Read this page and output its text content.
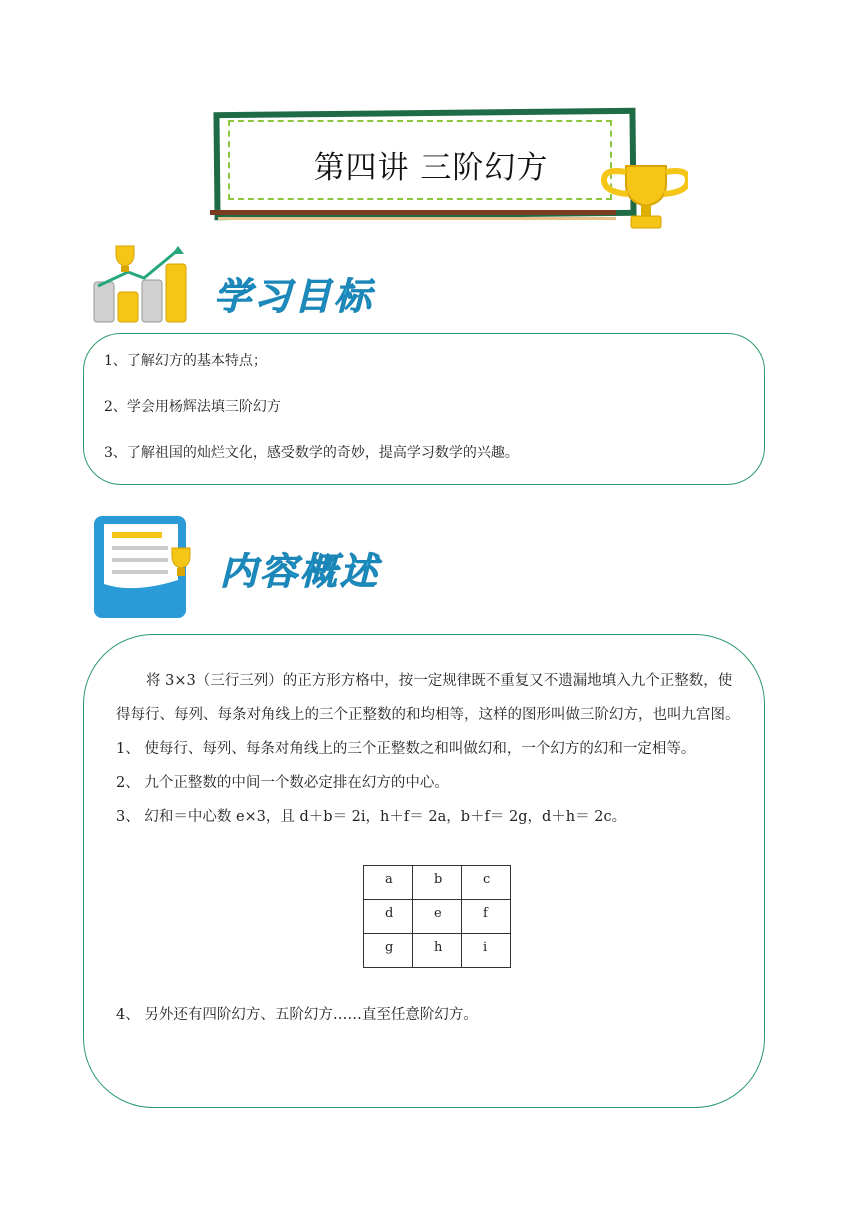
第四讲 三阶幻方
学习目标

1、了解幻方的基本特点；

2、学会用杨辉法填三阶幻方

3、了解祖国的灿烂文化，感受数学的奇妙，提高学习数学的兴趣。

内容概述

将 3×3（三行三列）的正方形方格中，按一定规律既不重复又不遗漏地填入九个正整数，使得每行、每列、每条对角线上的三个正整数的和均相等，这样的图形叫做三阶幻方，也叫九宫图。

1、 使每行、每列、每条对角线上的三个正整数之和叫做幻和，一个幻方的幻和一定相等。

2、 九个正整数的中间一个数必定排在幻方的中心。

3、 幻和＝中心数 e×3，且 d＋b＝ 2i，h＋f＝ 2a，b＋f＝ 2g，d＋h＝ 2c。

a	b	c
d	e	f
g	h	i

4、 另外还有四阶幻方、五阶幻方……直至任意阶幻方。
